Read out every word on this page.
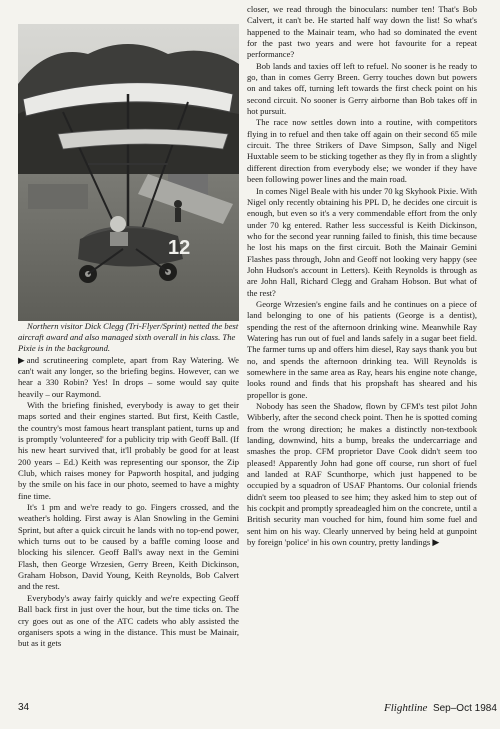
12

Northern visitor Dick Clegg (Tri-Flyer/Sprint) netted the best aircraft award and also managed sixth overall in his class. The Pixie is in the background.

▶and scrutineering complete, apart from Ray Watering. We can't wait any longer, so the briefing begins. However, can we hear a 330 Robin? Yes! In drops – some would say quite heavily – our Raymond.

With the briefing finished, everybody is away to get their maps sorted and their engines started. But first, Keith Castle, the country's most famous heart transplant patient, turns up and is promptly 'volunteered' for a publicity trip with Geoff Ball. (If his new heart survived that, it'll probably be good for at least 200 years – Ed.) Keith was representing our sponsor, the Zip Club, which raises money for Papworth hospital, and judging by the smile on his face in our photo, seemed to have a mighty fine time.

It's 1 pm and we're ready to go. Fingers crossed, and the weather's holding. First away is Alan Snowling in the Gemini Sprint, but after a quick circuit he lands with no top-end power, which turns out to be caused by a baffle coming loose and blocking his silencer. Geoff Ball's away next in the Gemini Flash, then George Wrzesien, Gerry Breen, Keith Dickinson, Graham Hobson, David Young, Keith Reynolds, Bob Calvert and the rest.

Everybody's away fairly quickly and we're expecting Geoff Ball back first in just over the hour, but the time ticks on. The cry goes out as one of the ATC cadets who ably assisted the organisers spots a wing in the distance. This must be Mainair, but as it gets

closer, we read through the binoculars: number ten! That's Bob Calvert, it can't be. He started half way down the list! So what's happened to the Mainair team, who had so dominated the event for the past two years and were hot favourite for a repeat performance?

Bob lands and taxies off left to refuel. No sooner is he ready to go, than in comes Gerry Breen. Gerry touches down but powers on and takes off, turning left towards the first check point on his second circuit. No sooner is Gerry airborne than Bob takes off in hot pursuit.

The race now settles down into a routine, with competitors flying in to refuel and then take off again on their second 65 mile circuit. The three Strikers of Dave Simpson, Sally and Nigel Huxtable seem to be sticking together as they fly in from a slightly different direction from everybody else; we wonder if they have been following power lines and the main road.

In comes Nigel Beale with his under 70 kg Skyhook Pixie. With Nigel only recently obtaining his PPL D, he decides one circuit is enough, but even so it's a very commendable effort from the only under 70 kg entered. Rather less successful is Keith Dickinson, who for the second year running failed to finish, this time because he lost his maps on the first circuit. Both the Mainair Gemini Flashes pass through, John and Geoff not looking very happy (see John Hudson's account in Letters). Keith Reynolds is through as are John Hall, Richard Clegg and Graham Hobson. But what of the rest?

George Wrzesien's engine fails and he continues on a piece of land belonging to one of his patients (George is a dentist), spending the rest of the afternoon drinking wine. Meanwhile Ray Watering has run out of fuel and lands safely in a sugar beet field. The farmer turns up and offers him diesel, Ray says thank you but no, and spends the afternoon drinking tea. Will Reynolds is somewhere in the same area as Ray, hears his engine note change, looks round and finds that his propshaft has sheared and his propellor is gone.

Nobody has seen the Shadow, flown by CFM's test pilot John Wibberly, after the second check point. Then he is spotted coming from the wrong direction; he makes a distinctly non-textbook landing, downwind, hits a bump, breaks the undercarriage and smashes the prop. CFM proprietor Dave Cook didn't seem too pleased! Apparently John had gone off course, run short of fuel and landed at RAF Scunthorpe, which just happened to be occupied by a squadron of USAF Phantoms. Our colonial friends didn't seem too pleased to see him; they asked him to step out of his cockpit and promptly spreadeagled him on the concrete, until a British security man vouched for him, found him some fuel and sent him on his way. Clearly unnerved by being held at gunpoint by foreign 'police' in his own country, pretty landings ▶

34	Flightline Sep–Oct 1984
